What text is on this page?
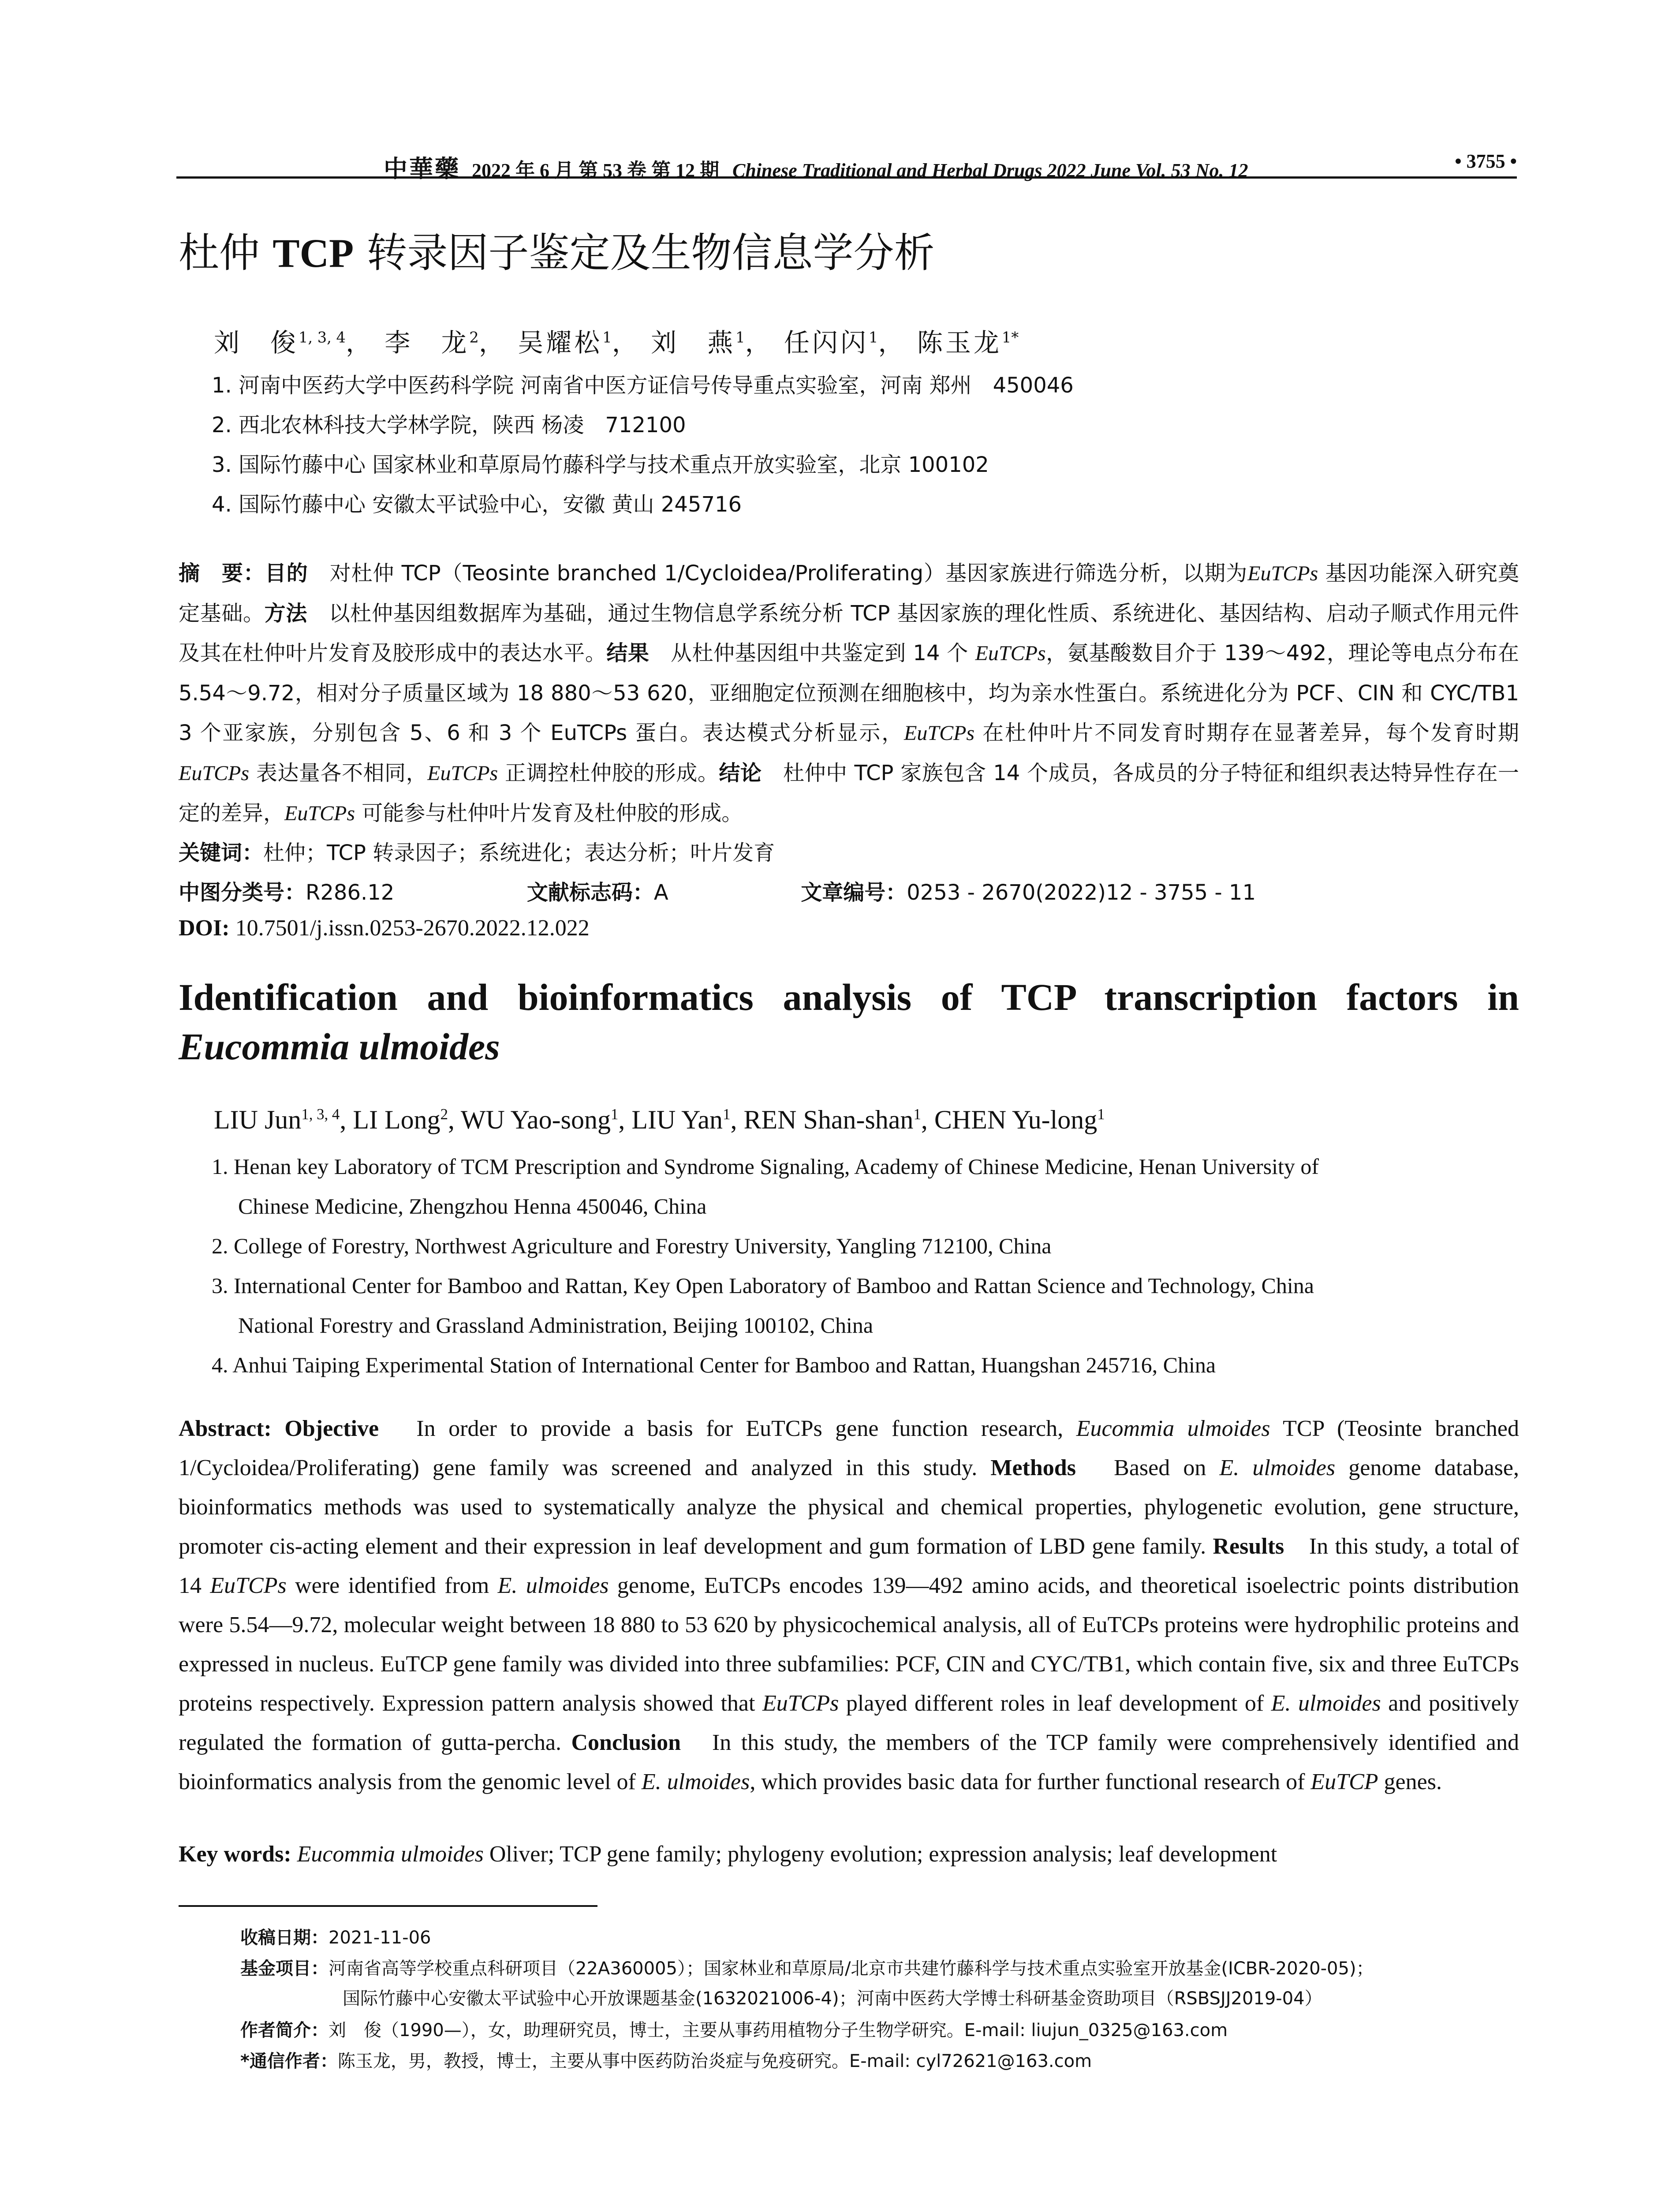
中華藥 2022 年 6 月 第 53 卷 第 12 期 Chinese Traditional and Herbal Drugs 2022 June Vol. 53 No. 12	• 3755 •
杜仲 TCP 转录因子鉴定及生物信息学分析
刘　俊$^{1, 3, 4}$， 李　龙$^2$， 吴耀松$^1$， 刘　燕$^1$， 任闪闪$^1$， 陈玉龙$^{1*}$
1. 河南中医药大学中医药科学院 河南省中医方证信号传导重点实验室，河南 郑州　450046
2. 西北农林科技大学林学院，陕西 杨凌　712100
3. 国际竹藤中心 国家林业和草原局竹藤科学与技术重点开放实验室，北京 100102
4. 国际竹藤中心 安徽太平试验中心，安徽 黄山 245716
摘　要：目的　对杜仲 TCP（Teosinte branched 1/Cycloidea/Proliferating）基因家族进行筛选分析，以期为EuTCPs 基因功能深入研究奠定基础。方法　以杜仲基因组数据库为基础，通过生物信息学系统分析 TCP 基因家族的理化性质、系统进化、基因结构、启动子顺式作用元件及其在杜仲叶片发育及胶形成中的表达水平。结果　从杜仲基因组中共鉴定到 14 个 EuTCPs，氨基酸数目介于 139～492，理论等电点分布在 5.54～9.72，相对分子质量区域为 18 880～53 620，亚细胞定位预测在细胞核中，均为亲水性蛋白。系统进化分为 PCF、CIN 和 CYC/TB1 3 个亚家族，分别包含 5、6 和 3 个 EuTCPs 蛋白。表达模式分析显示，EuTCPs 在杜仲叶片不同发育时期存在显著差异，每个发育时期 EuTCPs 表达量各不相同，EuTCPs 正调控杜仲胶的形成。结论　杜仲中 TCP 家族包含 14 个成员，各成员的分子特征和组织表达特异性存在一定的差异，EuTCPs 可能参与杜仲叶片发育及杜仲胶的形成。
关键词：杜仲；TCP 转录因子；系统进化；表达分析；叶片发育
中图分类号：R286.12	文献标志码：A	文章编号：0253 - 2670(2022)12 - 3755 - 11
DOI: 10.7501/j.issn.0253-2670.2022.12.022
Identification and bioinformatics analysis of TCP transcription factors in
Eucommia ulmoides
LIU Jun$^{1, 3, 4}$, LI Long$^2$, WU Yao-song$^1$, LIU Yan$^1$, REN Shan-shan$^1$, CHEN Yu-long$^1$
1. Henan key Laboratory of TCM Prescription and Syndrome Signaling, Academy of Chinese Medicine, Henan University of
Chinese Medicine, Zhengzhou Henna 450046, China
2. College of Forestry, Northwest Agriculture and Forestry University, Yangling 712100, China
3. International Center for Bamboo and Rattan, Key Open Laboratory of Bamboo and Rattan Science and Technology, China
National Forestry and Grassland Administration, Beijing 100102, China
4. Anhui Taiping Experimental Station of International Center for Bamboo and Rattan, Huangshan 245716, China
Abstract: Objective　In order to provide a basis for EuTCPs gene function research, Eucommia ulmoides TCP (Teosinte branched 1/Cycloidea/Proliferating) gene family was screened and analyzed in this study. Methods　Based on E. ulmoides genome database, bioinformatics methods was used to systematically analyze the physical and chemical properties, phylogenetic evolution, gene structure, promoter cis-acting element and their expression in leaf development and gum formation of LBD gene family. Results　In this study, a total of 14 EuTCPs were identified from E. ulmoides genome, EuTCPs encodes 139—492 amino acids, and theoretical isoelectric points distribution were 5.54—9.72, molecular weight between 18 880 to 53 620 by physicochemical analysis, all of EuTCPs proteins were hydrophilic proteins and expressed in nucleus. EuTCP gene family was divided into three subfamilies: PCF, CIN and CYC/TB1, which contain five, six and three EuTCPs proteins respectively. Expression pattern analysis showed that EuTCPs played different roles in leaf development of E. ulmoides and positively regulated the formation of gutta-percha. Conclusion　In this study, the members of the TCP family were comprehensively identified and bioinformatics analysis from the genomic level of E. ulmoides, which provides basic data for further functional research of EuTCP genes.
Key words: Eucommia ulmoides Oliver; TCP gene family; phylogeny evolution; expression analysis; leaf development
收稿日期：2021-11-06
基金项目：河南省高等学校重点科研项目（22A360005）；国家林业和草原局/北京市共建竹藤科学与技术重点实验室开放基金(ICBR-2020-05)；
国际竹藤中心安徽太平试验中心开放课题基金(1632021006-4)；河南中医药大学博士科研基金资助项目（RSBSJJ2019-04）
作者简介：刘　俊（1990—），女，助理研究员，博士，主要从事药用植物分子生物学研究。E-mail: liujun_0325@163.com
*通信作者：陈玉龙，男，教授，博士，主要从事中医药防治炎症与免疫研究。E-mail: cyl72621@163.com
